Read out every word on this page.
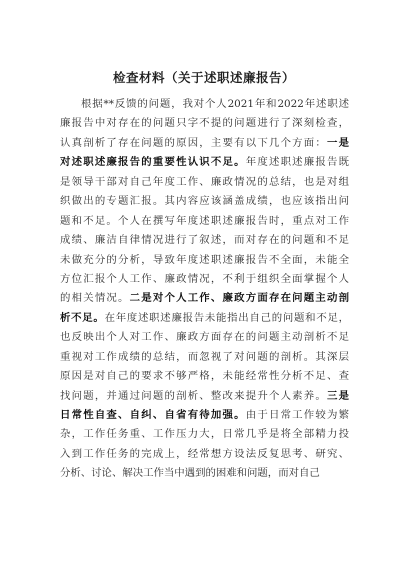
检查材料（关于述职述廉报告）
根据**反馈的问题，我对个人2021年和2022年述职述
廉报告中对存在的问题只字不提的问题进行了深刻检查，
认真剖析了存在问题的原因，主要有以下几个方面：一是
对述职述廉报告的重要性认识不足。年度述职述廉报告既
是领导干部对自己年度工作、廉政情况的总结，也是对组
织做出的专题汇报。其内容应该涵盖成绩，也应该指出问
题和不足。个人在撰写年度述职述廉报告时，重点对工作
成绩、廉洁自律情况进行了叙述，而对存在的问题和不足
未做充分的分析，导致年度述职述廉报告不全面，未能全
方位汇报个人工作、廉政情况，不利于组织全面掌握个人
的相关情况。二是对个人工作、廉政方面存在问题主动剖
析不足。在年度述职述廉报告未能指出自己的问题和不足，
也反映出个人对工作、廉政方面存在的问题主动剖析不足
重视对工作成绩的总结，而忽视了对问题的剖析。其深层
原因是对自己的要求不够严格，未能经常性分析不足、查
找问题，并通过问题的剖析、整改来提升个人素养。三是
日常性自查、自纠、自省有待加强。由于日常工作较为繁
杂，工作任务重、工作压力大，日常几乎是将全部精力投
入到工作任务的完成上，经常想方设法反复思考、研究、
分析、讨论、解决工作当中遇到的困难和问题，而对自己
